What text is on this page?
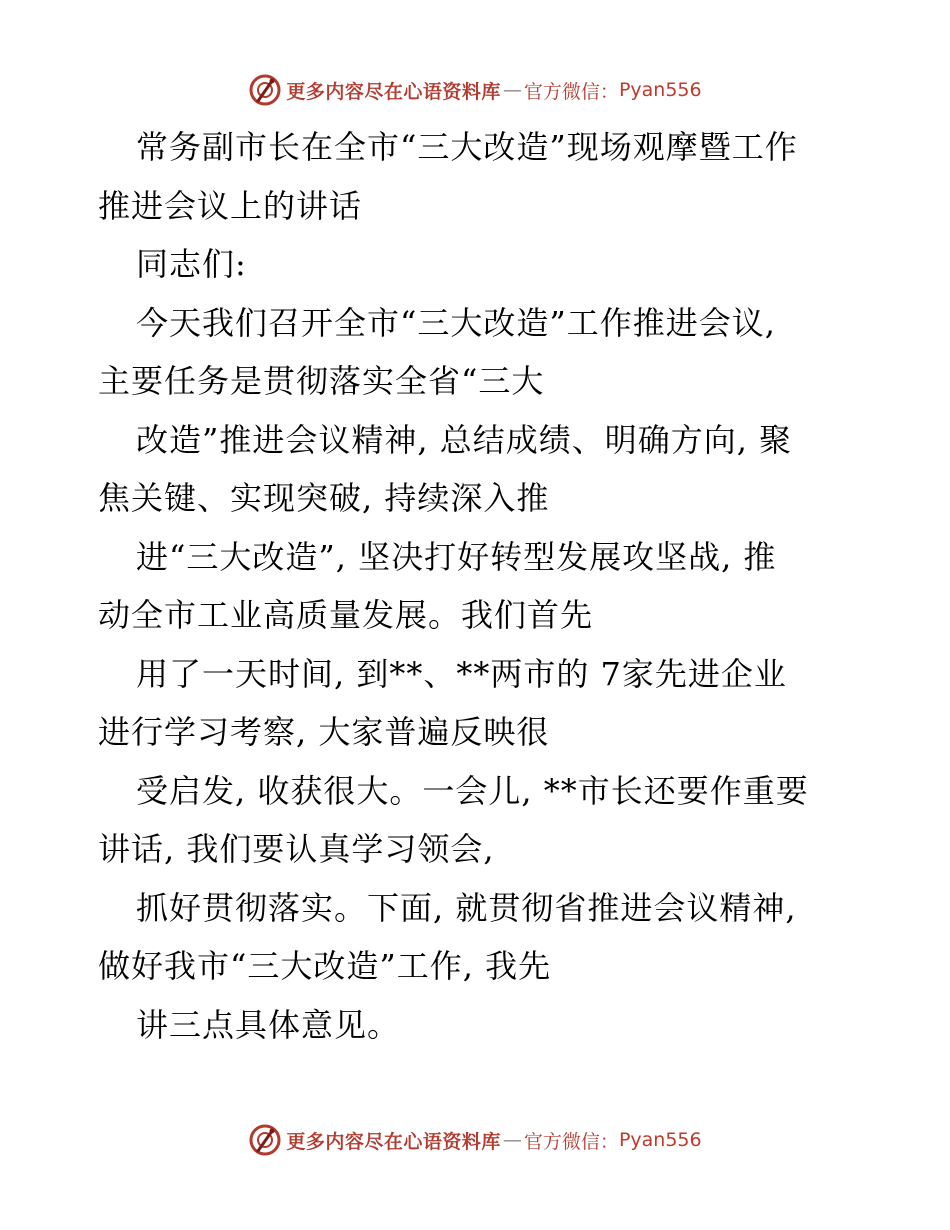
更多内容尽在心语资料库 — 官方微信： Pyan556
常务副市长在全市“三大改造”现场观摩暨工作
推进会议上的讲话
同志们:
今天我们召开全市“三大改造”工作推进会议,
主要任务是贯彻落实全省“三大
改造”推进会议精神, 总结成绩、明确方向, 聚
焦关键、实现突破, 持续深入推
进“三大改造”, 坚决打好转型发展攻坚战, 推
动全市工业高质量发展。我们首先
用了一天时间, 到**、**两市的 7家先进企业
进行学习考察, 大家普遍反映很
受启发, 收获很大。一会儿, **市长还要作重要
讲话, 我们要认真学习领会,
抓好贯彻落实。下面, 就贯彻省推进会议精神,
做好我市“三大改造”工作, 我先
讲三点具体意见。
更多内容尽在心语资料库 — 官方微信： Pyan556
